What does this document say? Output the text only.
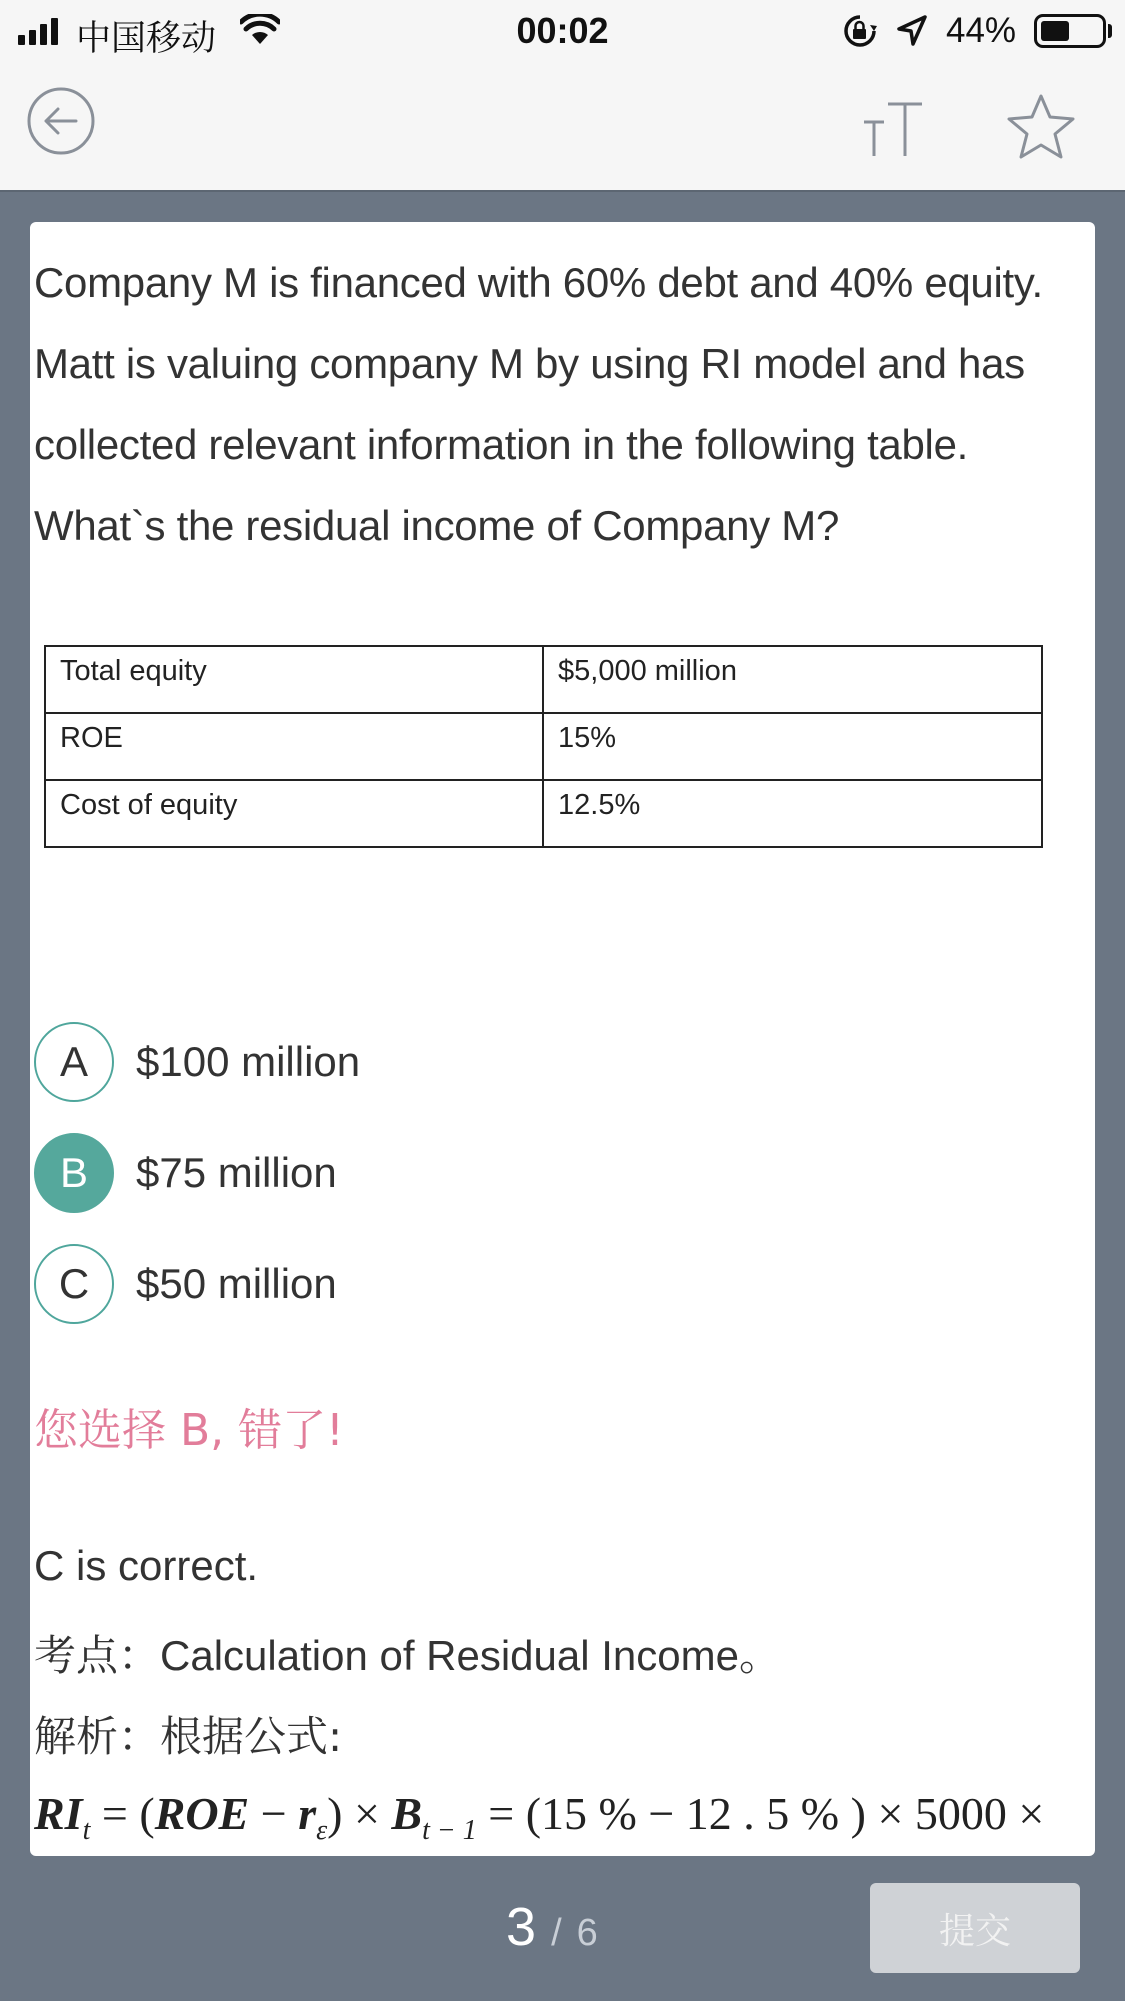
中国移动	00:02	44%
Company M is financed with 60% debt and 40% equity. Matt is valuing company M by using RI model and has collected relevant information in the following table. What`s the residual income of Company M?
Total equity	$5,000 million
ROE	15%
Cost of equity	12.5%
A	$100 million
B	$75 million
C	$50 million
您选择 B, 错了!
C is correct.
考点：Calculation of Residual Income。
解析：根据公式:
$RI_t = (ROE - r_\varepsilon) \times B_{t - 1} = (15$ % − 12 . 5 % ) × 5000 ×
3 / 6	提交
